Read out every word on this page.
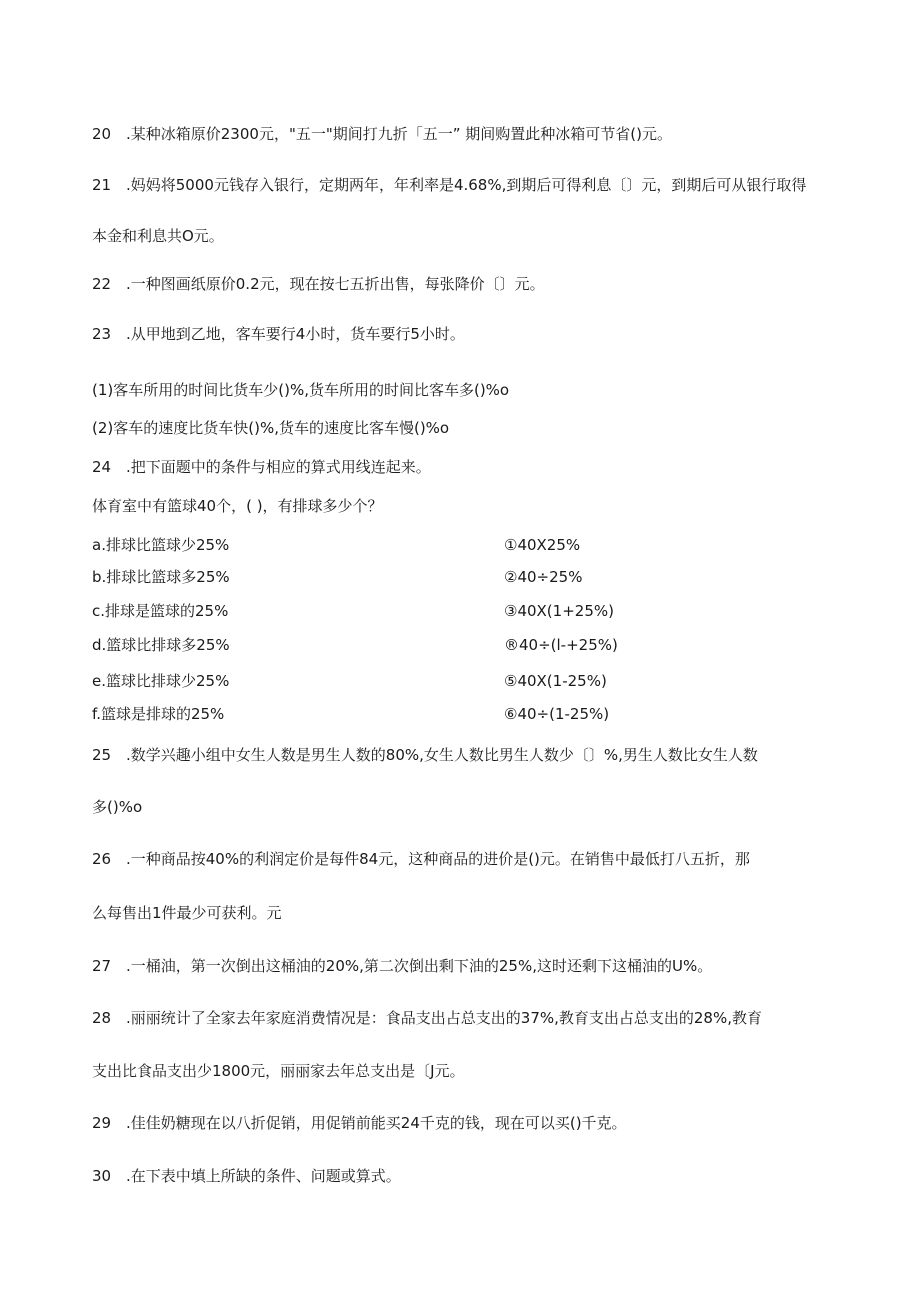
20 .某种冰箱原价2300元，"五一"期间打九折「五一” 期间购置此种冰箱可节省()元。
21 .妈妈将5000元钱存入银行，定期两年，年利率是4.68%,到期后可得利息〔〕元，到期后可从银行取得
本金和利息共O元。
22 .一种图画纸原价0.2元，现在按七五折出售，每张降价〔〕元。
23 .从甲地到乙地，客车要行4小时，货车要行5小时。
(1)客车所用的时间比货车少()%,货车所用的时间比客车多()%o
(2)客车的速度比货车快()%,货车的速度比客车慢()%o
24 .把下面题中的条件与相应的算式用线连起来。
体育室中有篮球40个，( )，有排球多少个？
a.排球比篮球少25%	①40X25%
b.排球比篮球多25%	②40÷25%
c.排球是篮球的25%	③40X(1+25%)
d.篮球比排球多25%	®40÷(l-+25%)
e.篮球比排球少25%	⑤40X(1-25%)
f.篮球是排球的25%	⑥40÷(1-25%)
25 .数学兴趣小组中女生人数是男生人数的80%,女生人数比男生人数少〔〕%,男生人数比女生人数
多()%o
26 .一种商品按40%的利润定价是每件84元，这种商品的进价是()元。在销售中最低打八五折，那
么每售出1件最少可获利。元
27 .一桶油，第一次倒出这桶油的20%,第二次倒出剩下油的25%,这时还剩下这桶油的U%。
28 .丽丽统计了全家去年家庭消费情况是：食品支出占总支出的37%,教育支出占总支出的28%,教育
支出比食品支出少1800元，丽丽家去年总支出是〔J元。
29 .佳佳奶糖现在以八折促销，用促销前能买24千克的钱，现在可以买()千克。
30 .在下表中填上所缺的条件、问题或算式。
